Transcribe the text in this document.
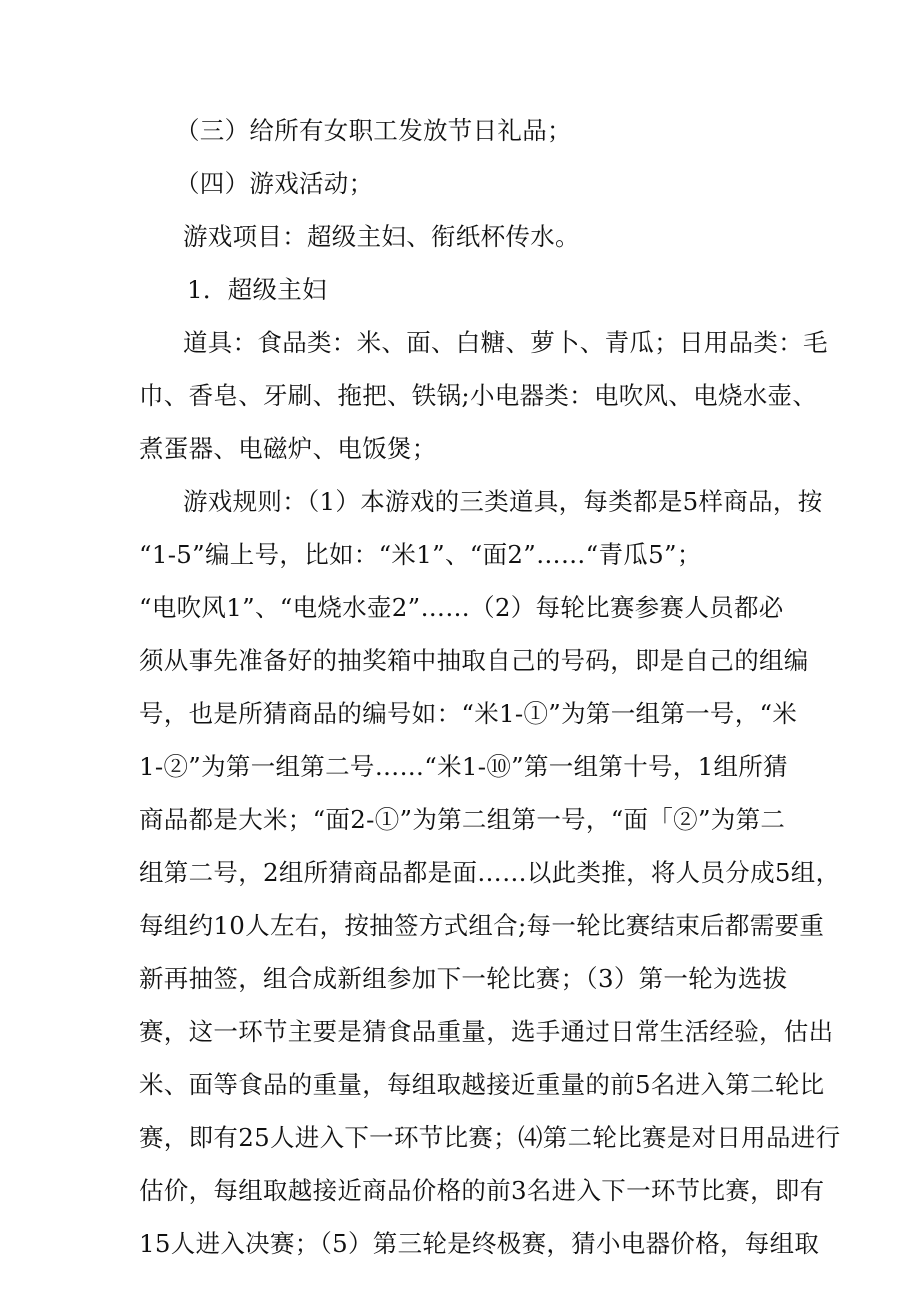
（三）给所有女职工发放节日礼品；
（四）游戏活动；
游戏项目：超级主妇、衔纸杯传水。
1．超级主妇
道具：食品类：米、面、白糖、萝卜、青瓜；日用品类：毛
巾、香皂、牙刷、拖把、铁锅;小电器类：电吹风、电烧水壶、
煮蛋器、电磁炉、电饭煲；
游戏规则：（1）本游戏的三类道具，每类都是5样商品，按
“1-5”编上号，比如：“米1”、“面2”……“青瓜5”；
“电吹风1”、“电烧水壶2”……（2）每轮比赛参赛人员都必
须从事先准备好的抽奖箱中抽取自己的号码，即是自己的组编
号，也是所猜商品的编号如：“米1-①”为第一组第一号，“米
1-②”为第一组第二号……“米1-⑩”第一组第十号，1组所猜
商品都是大米；“面2-①”为第二组第一号，“面「②”为第二
组第二号，2组所猜商品都是面……以此类推，将人员分成5组，
每组约10人左右，按抽签方式组合;每一轮比赛结束后都需要重
新再抽签，组合成新组参加下一轮比赛；（3）第一轮为选拔
赛，这一环节主要是猜食品重量，选手通过日常生活经验，估出
米、面等食品的重量，每组取越接近重量的前5名进入第二轮比
赛，即有25人进入下一环节比赛；⑷第二轮比赛是对日用品进行
估价，每组取越接近商品价格的前3名进入下一环节比赛，即有
15人进入决赛；（5）第三轮是终极赛，猜小电器价格，每组取
